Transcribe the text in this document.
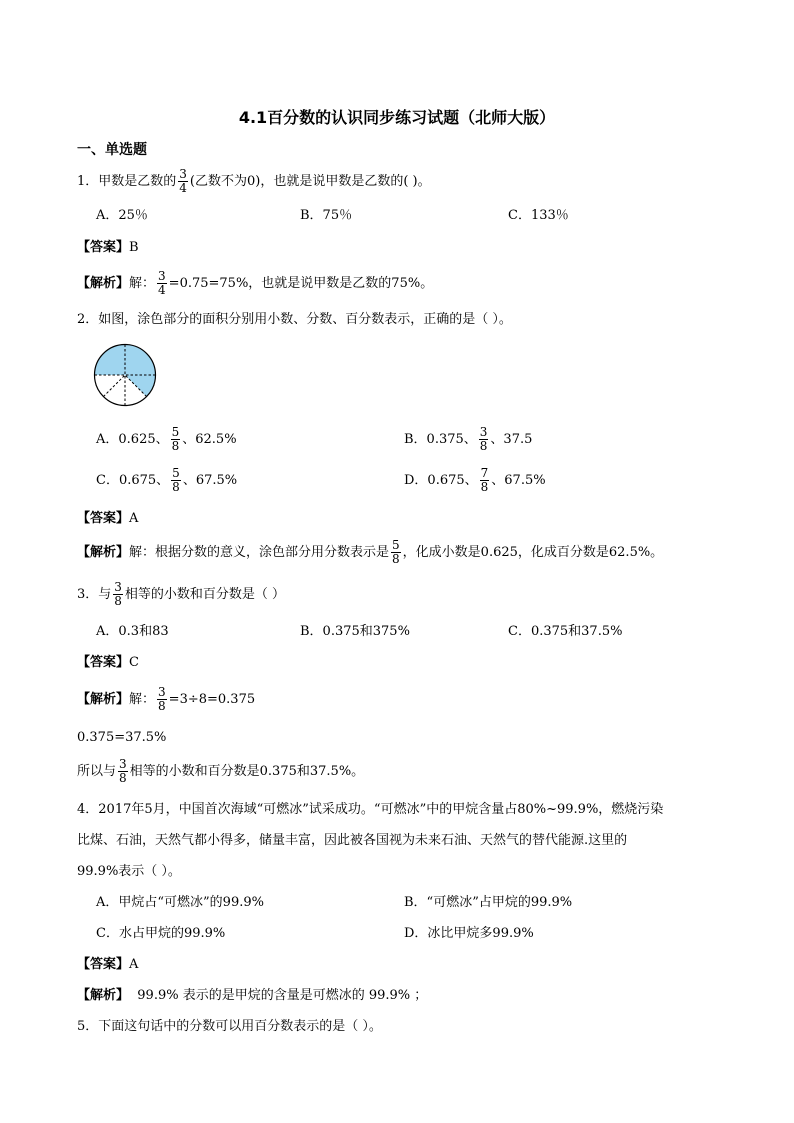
4.1百分数的认识同步练习试题（北师大版）
一、单选题
1．甲数是乙数的 $\frac{3}{4}$ (乙数不为0)，也就是说甲数是乙数的( )。
A．25％	B．75％	C．133％
【答案】B
【解析】解： $\frac{3}{4} =0.75=75\%$，也就是说甲数是乙数的75%。
2．如图，涂色部分的面积分别用小数、分数、百分数表示，正确的是（ ）。
A．0.625、 $\frac{5}{8}$ 、62.5%	B．0.375、 $\frac{3}{8}$ 、37.5
C．0.675、 $\frac{5}{8}$ 、67.5%	D．0.675、 $\frac{7}{8}$ 、67.5%
【答案】A
【解析】解：根据分数的意义，涂色部分用分数表示是 $\frac{5}{8}$ ，化成小数是0.625，化成百分数是62.5%。
3．与 $\frac{3}{8}$ 相等的小数和百分数是（ ）
A．0.3和83	B．0.375和375%	C．0.375和37.5%
【答案】C
【解析】解： $\frac{3}{8} =3\div 8=0.375$
0.375=37.5%
所以与 $\frac{3}{8}$ 相等的小数和百分数是0.375和37.5%。
4．2017年5月，中国首次海域“可燃冰”试采成功。“可燃冰”中的甲烷含量占80%~99.9%，燃烧污染
比煤、石油，天然气都小得多，储量丰富，因此被各国视为未来石油、天然气的替代能源.这里的
99.9%表示（ ）。
A．甲烷占“可燃冰”的99.9%	B．“可燃冰”占甲烷的99.9%
C．水占甲烷的99.9%	D．冰比甲烷多99.9%
【答案】A
【解析】  99.9% 表示的是甲烷的含量是可燃冰的 99.9% ；
5．下面这句话中的分数可以用百分数表示的是（ ）。
